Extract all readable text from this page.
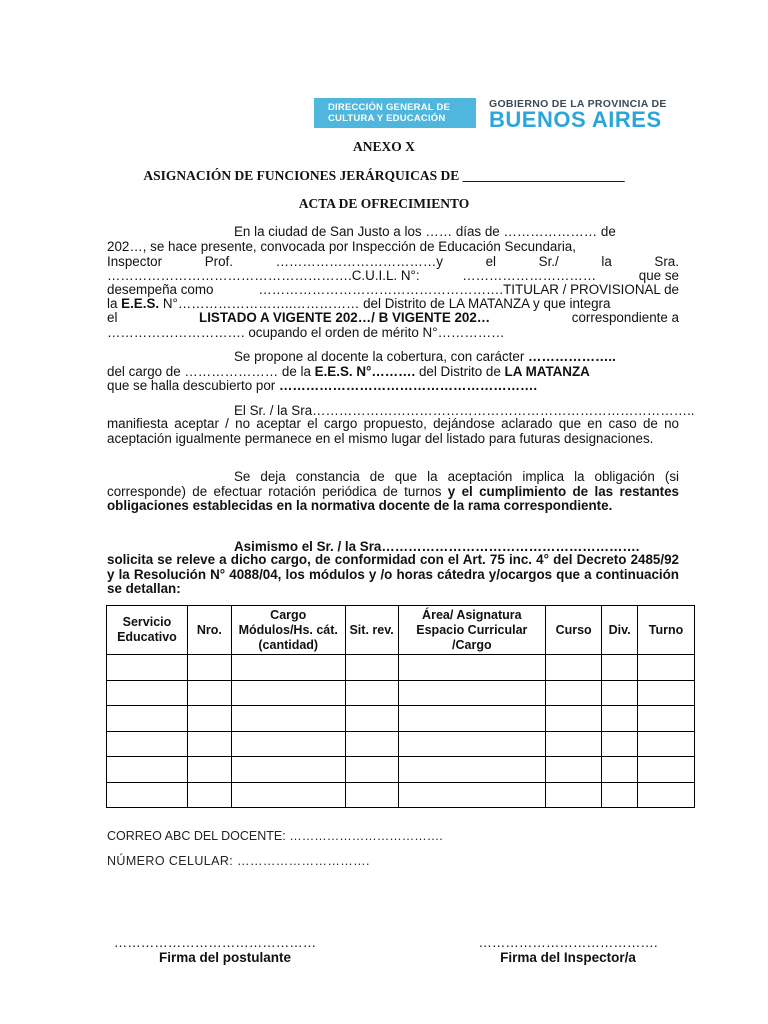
DIRECCIÓN GENERAL DE
CULTURA Y EDUCACIÓN
GOBIERNO DE LA PROVINCIA DE
BUENOS AIRES
ANEXO X
ASIGNACIÓN DE FUNCIONES JERÁRQUICAS DE ________________________
ACTA DE OFRECIMIENTO
En la ciudad de San Justo a los …… días de ………………… de
202…, se hace presente, convocada por Inspección de Educación Secundaria,
Inspector	Prof.	………………………………y	el	Sr./	la	Sra.
……………………………………………….C.U.I.L. N°:	…………………………	que se
desempeña como	……………………………………………….TITULAR / PROVISIONAL de
la E.E.S. N°……………………..…………… del Distrito de LA MATANZA y que integra
el	LISTADO A VIGENTE 202…/ B VIGENTE 202…	correspondiente a
…………………………. ocupando el orden de mérito N°……………
Se propone al docente la cobertura, con carácter ………………..
del cargo de ………………… de la E.E.S. N°………. del Distrito de LA MATANZA
que se halla descubierto por ………………………………………………….
El Sr. / la Sra…………………………………………………………………………..
manifiesta aceptar / no aceptar el cargo propuesto, dejándose aclarado que en caso de no aceptación igualmente permanece en el mismo lugar del listado para futuras designaciones.
Se deja constancia de que la aceptación implica la obligación (si corresponde) de efectuar rotación periódica de turnos y el cumplimiento de las restantes obligaciones establecidas en la normativa docente de la rama correspondiente.
Asimismo el Sr. / la Sra………………………………………………….
solicita se releve a dicho cargo, de conformidad con el Art. 75 inc. 4° del Decreto 2485/92 y la Resolución N° 4088/04, los módulos y /o horas cátedra y/ocargos que a continuación se detallan:
Servicio Educativo	Nro.	Cargo Módulos/Hs. cát. (cantidad)	Sit. rev.	Área/ Asignatura Espacio Curricular /Cargo	Curso	Div.	Turno

CORREO ABC DEL DOCENTE: ……………………………….
NÚMERO CELULAR: ………………………….
………………………………………
Firma del postulante
………………………………….
Firma del Inspector/a
